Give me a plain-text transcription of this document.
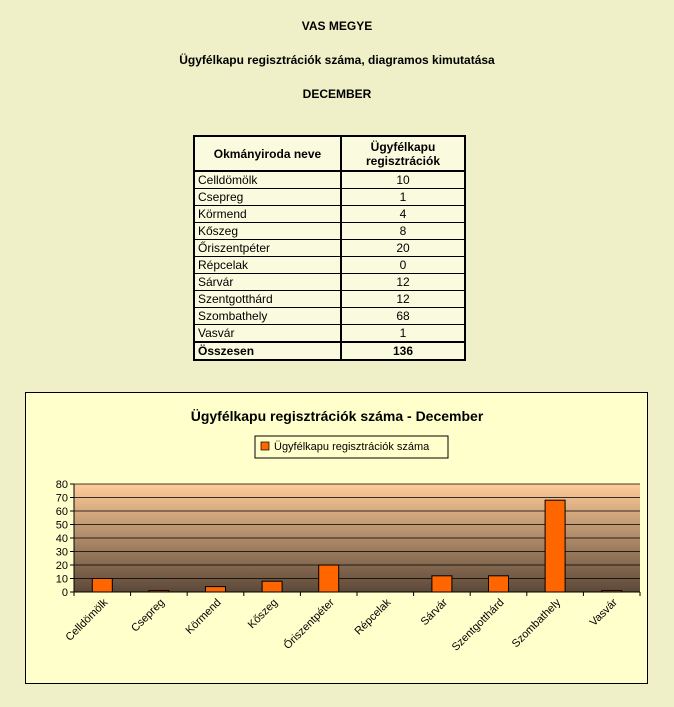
VAS MEGYE
Ügyfélkapu regisztrációk száma, diagramos kimutatása
DECEMBER
Okmányiroda neve	Ügyfélkapu regisztrációk
Celldömölk	10
Csepreg	1
Körmend	4
Kőszeg	8
Őriszentpéter	20
Répcelak	0
Sárvár	12
Szentgotthárd	12
Szombathely	68
Vasvár	1
Összesen	136
Ügyfélkapu regisztrációk száma - December
Ügyfélkapu regisztrációk száma
0
10
20
30
40
50
60
70
80
Celldömölk Csepreg Körmend Kőszeg Őriszentpéter Répcelak Sárvár Szentgotthárd Szombathely Vasvár
